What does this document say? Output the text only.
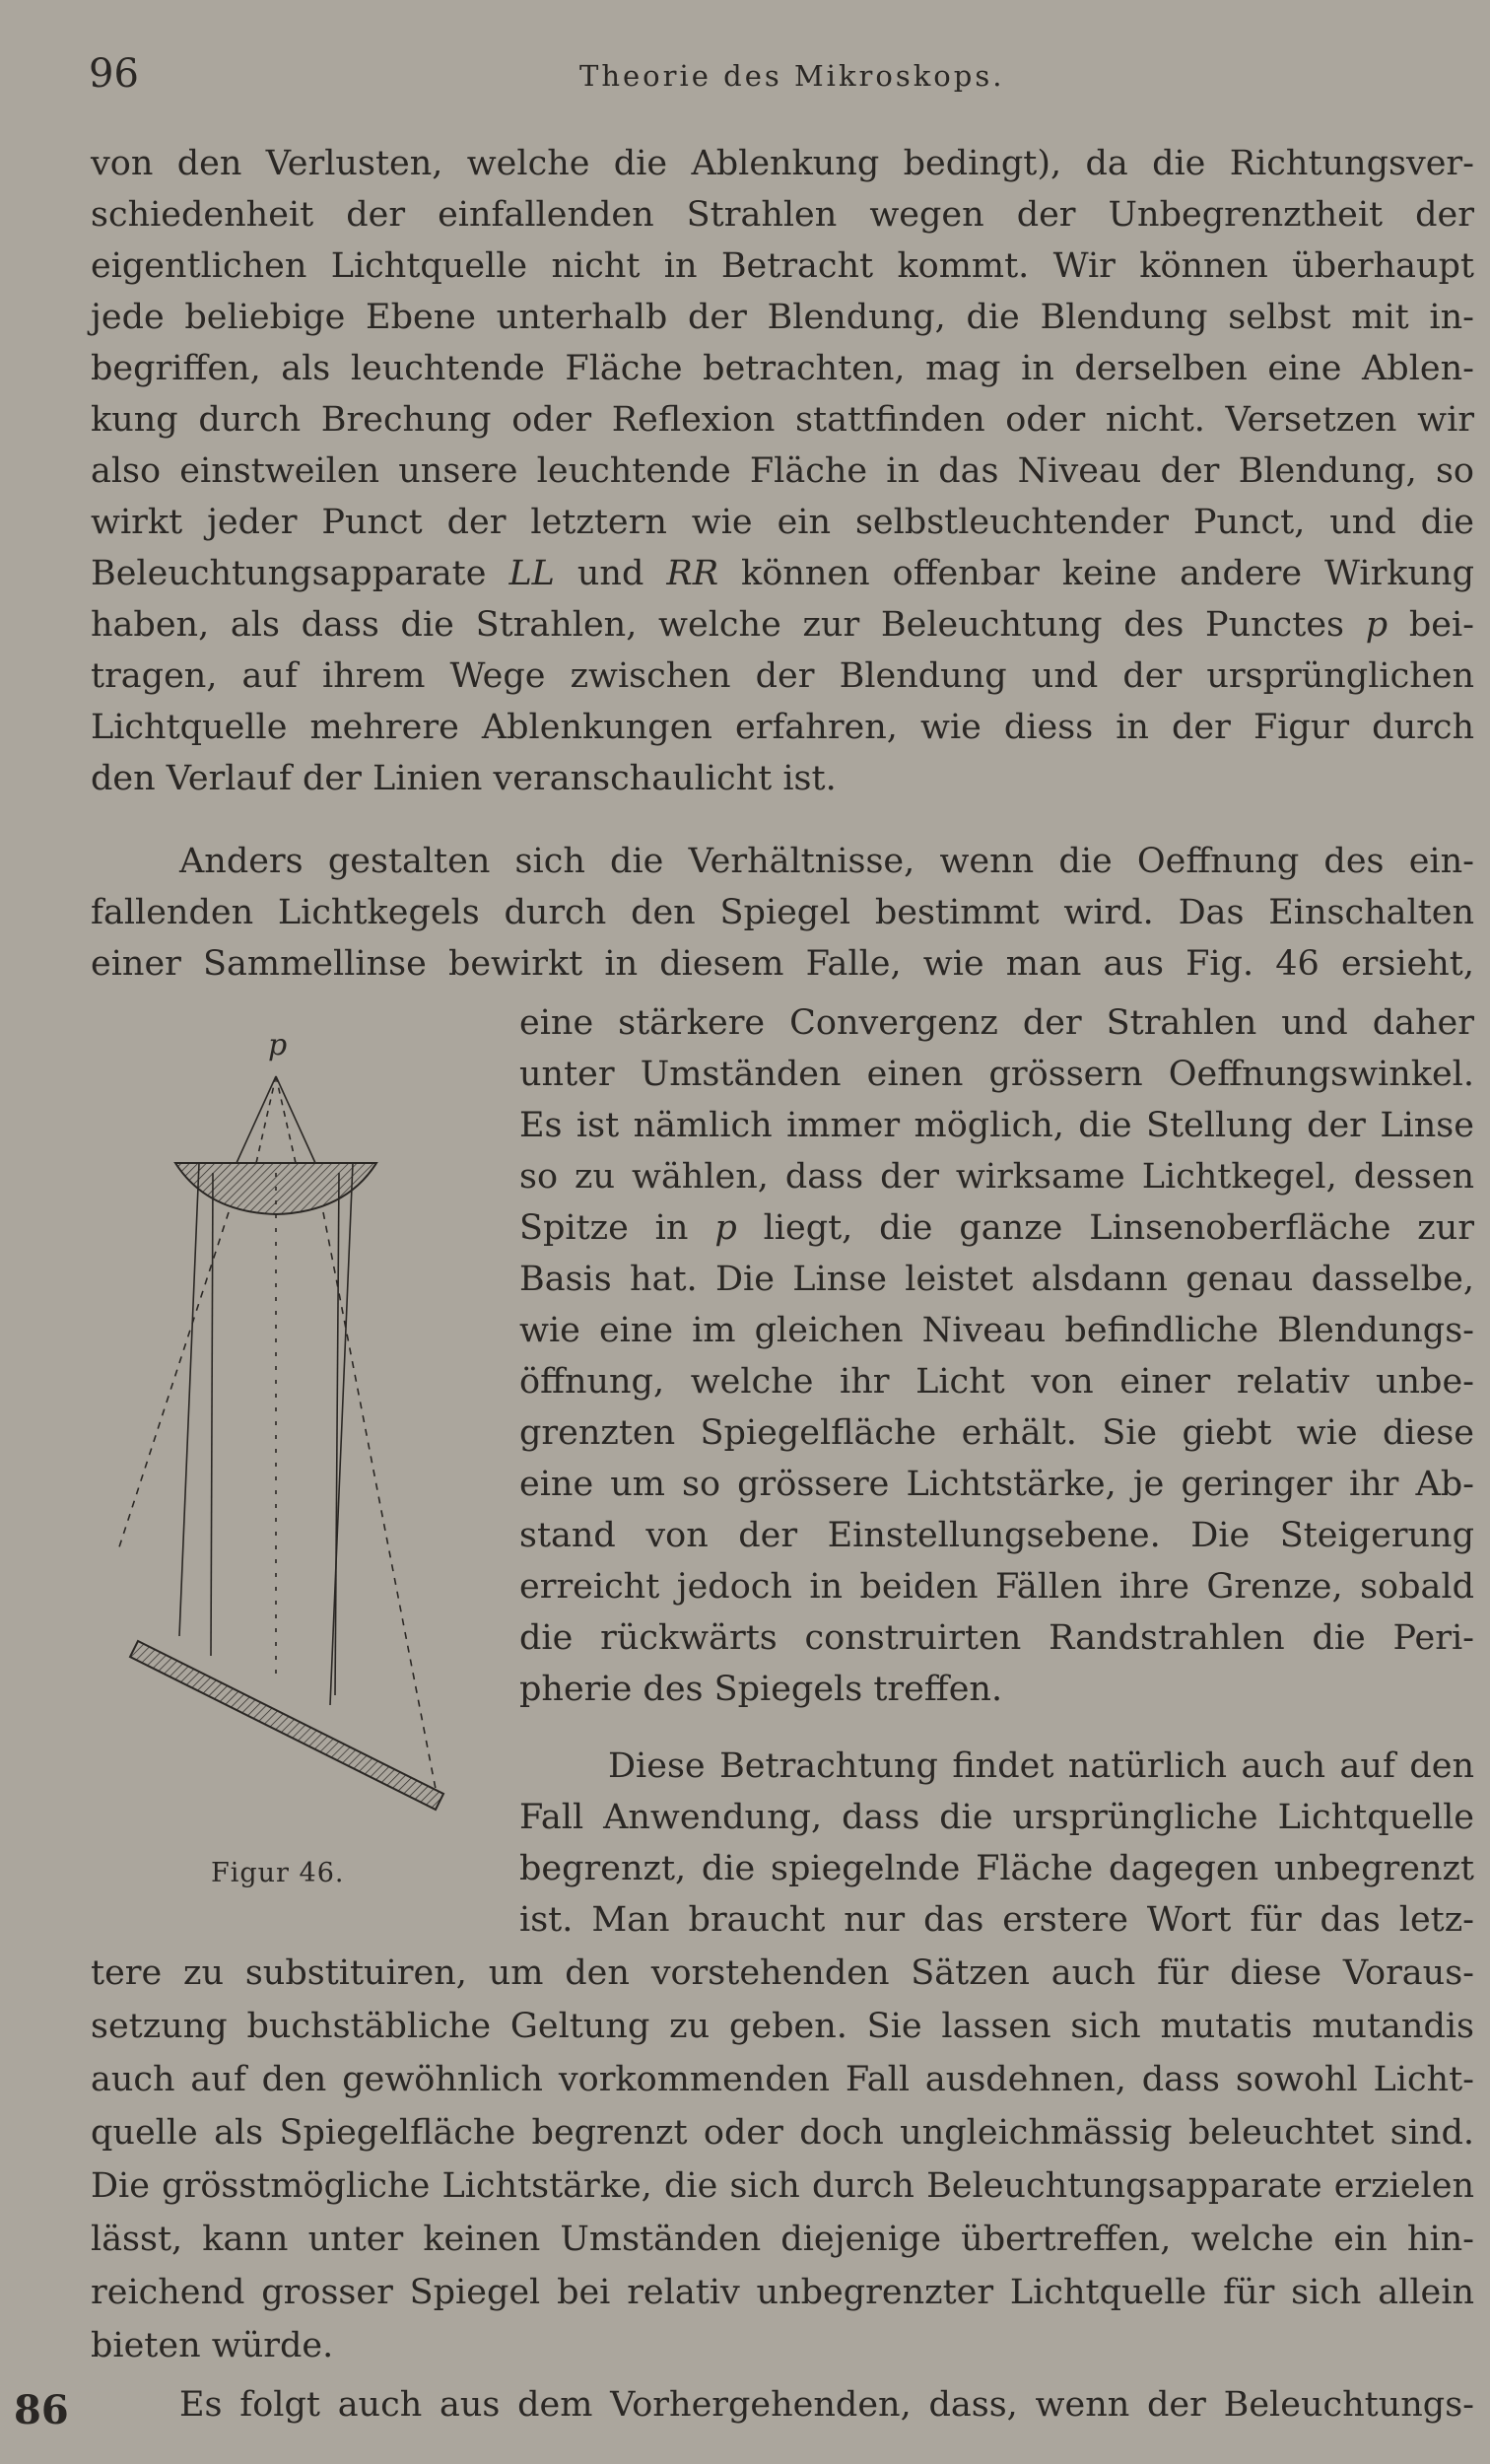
96	Theorie des Mikroskops.
von den Verlusten, welche die Ablenkung bedingt), da die Richtungsver-
schiedenheit der einfallenden Strahlen wegen der Unbegrenztheit der
eigentlichen Lichtquelle nicht in Betracht kommt. Wir können überhaupt
jede beliebige Ebene unterhalb der Blendung, die Blendung selbst mit in-
begriffen, als leuchtende Fläche betrachten, mag in derselben eine Ablen-
kung durch Brechung oder Reflexion stattfinden oder nicht. Versetzen wir
also einstweilen unsere leuchtende Fläche in das Niveau der Blendung, so
wirkt jeder Punct der letztern wie ein selbstleuchtender Punct, und die
Beleuchtungsapparate LL und RR können offenbar keine andere Wirkung
haben, als dass die Strahlen, welche zur Beleuchtung des Punctes p bei-
tragen, auf ihrem Wege zwischen der Blendung und der ursprünglichen
Lichtquelle mehrere Ablenkungen erfahren, wie diess in der Figur durch
den Verlauf der Linien veranschaulicht ist.
Anders gestalten sich die Verhältnisse, wenn die Oeffnung des ein-
fallenden Lichtkegels durch den Spiegel bestimmt wird. Das Einschalten
einer Sammellinse bewirkt in diesem Falle, wie man aus Fig. 46 ersieht,
eine stärkere Convergenz der Strahlen und daher
unter Umständen einen grössern Oeffnungswinkel.
Es ist nämlich immer möglich, die Stellung der Linse
so zu wählen, dass der wirksame Lichtkegel, dessen
Spitze in p liegt, die ganze Linsenoberfläche zur
Basis hat. Die Linse leistet alsdann genau dasselbe,
wie eine im gleichen Niveau befindliche Blendungs-
öffnung, welche ihr Licht von einer relativ unbe-
grenzten Spiegelfläche erhält. Sie giebt wie diese
eine um so grössere Lichtstärke, je geringer ihr Ab-
stand von der Einstellungsebene. Die Steigerung
erreicht jedoch in beiden Fällen ihre Grenze, sobald
die rückwärts construirten Randstrahlen die Peri-
pherie des Spiegels treffen.
Diese Betrachtung findet natürlich auch auf den
Fall Anwendung, dass die ursprüngliche Lichtquelle
begrenzt, die spiegelnde Fläche dagegen unbegrenzt
ist. Man braucht nur das erstere Wort für das letz-
tere zu substituiren, um den vorstehenden Sätzen auch für diese Voraus-
setzung buchstäbliche Geltung zu geben. Sie lassen sich mutatis mutandis
auch auf den gewöhnlich vorkommenden Fall ausdehnen, dass sowohl Licht-
quelle als Spiegelfläche begrenzt oder doch ungleichmässig beleuchtet sind.
Die grösstmögliche Lichtstärke, die sich durch Beleuchtungsapparate erzielen
lässt, kann unter keinen Umständen diejenige übertreffen, welche ein hin-
reichend grosser Spiegel bei relativ unbegrenzter Lichtquelle für sich allein
bieten würde.
Es folgt auch aus dem Vorhergehenden, dass, wenn der Beleuchtungs-
86
p
Figur 46.
